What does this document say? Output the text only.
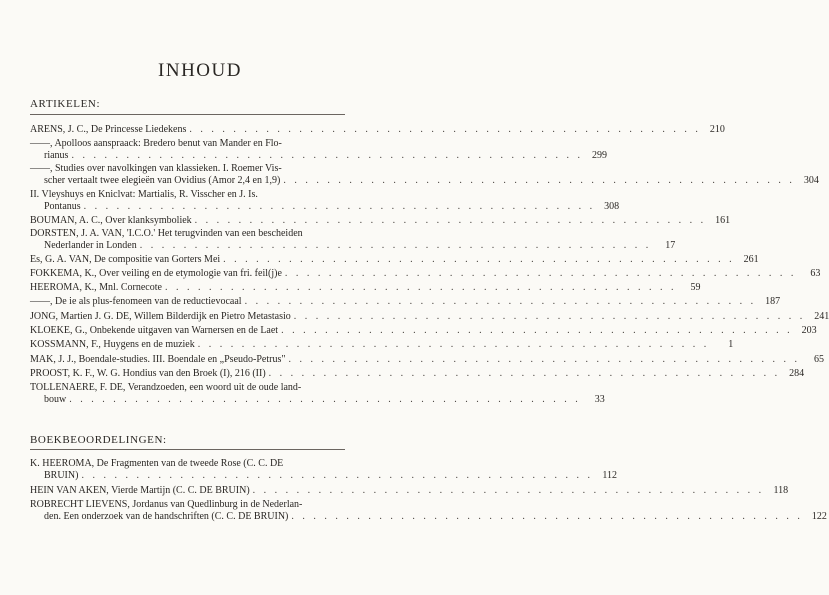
INHOUD
ARTIKELEN:
ARENS, J. C., De Princesse Liedekens . . .	210
——, Apolloos aanspraack: Bredero benut van Mander en Flo-
rianus . . .	299
——, Studies over navolkingen van klassieken. I. Roemer Vis-
scher vertaalt twee elegieën van Ovidius (Amor 2,4 en 1,9) . . .	304
II. Vleyshuys en Kniclvat: Martialis, R. Visscher en J. Is.
Pontanus . . .	308
BOUMAN, A. C., Over klanksymboliek . . .	161
DORSTEN, J. A. VAN, 'I.C.O.' Het terugvinden van een bescheiden
Nederlander in Londen . . .	17
Es, G. A. VAN, De compositie van Gorters Mei . . .	261
FOKKEMA, K., Over veiling en de etymologie van fri. feil(j)e . . .	63
HEEROMA, K., Mnl. Cornecote . . .	59
——, De ie als plus-fenomeen van de reductievocaal . . .	187
JONG, Martien J. G. DE, Willem Bilderdijk en Pietro Metastasio . . .	241
KLOEKE, G., Onbekende uitgaven van Warnersen en de Laet . . .	203
KOSSMANN, F., Huygens en de muziek . . .	1
MAK, J. J., Boendale-studies. III. Boendale en „Pseudo-Petrus" . . .	65
PROOST, K. F., W. G. Hondius van den Broek (I), 216 (II) . . .	284
TOLLENAERE, F. DE, Verandzoeden, een woord uit de oude land-
bouw . . .	33
BOEKBEOORDELINGEN:
K. HEEROMA, De Fragmenten van de tweede Rose (C. C. DE
BRUIN) . . .	112
HEIN VAN AKEN, Vierde Martijn (C. C. DE BRUIN) . . .	118
ROBRECHT LIEVENS, Jordanus van Quedlinburg in de Nederlan-
den. Een onderzoek van de handschriften (C. C. DE BRUIN) . . .	122
